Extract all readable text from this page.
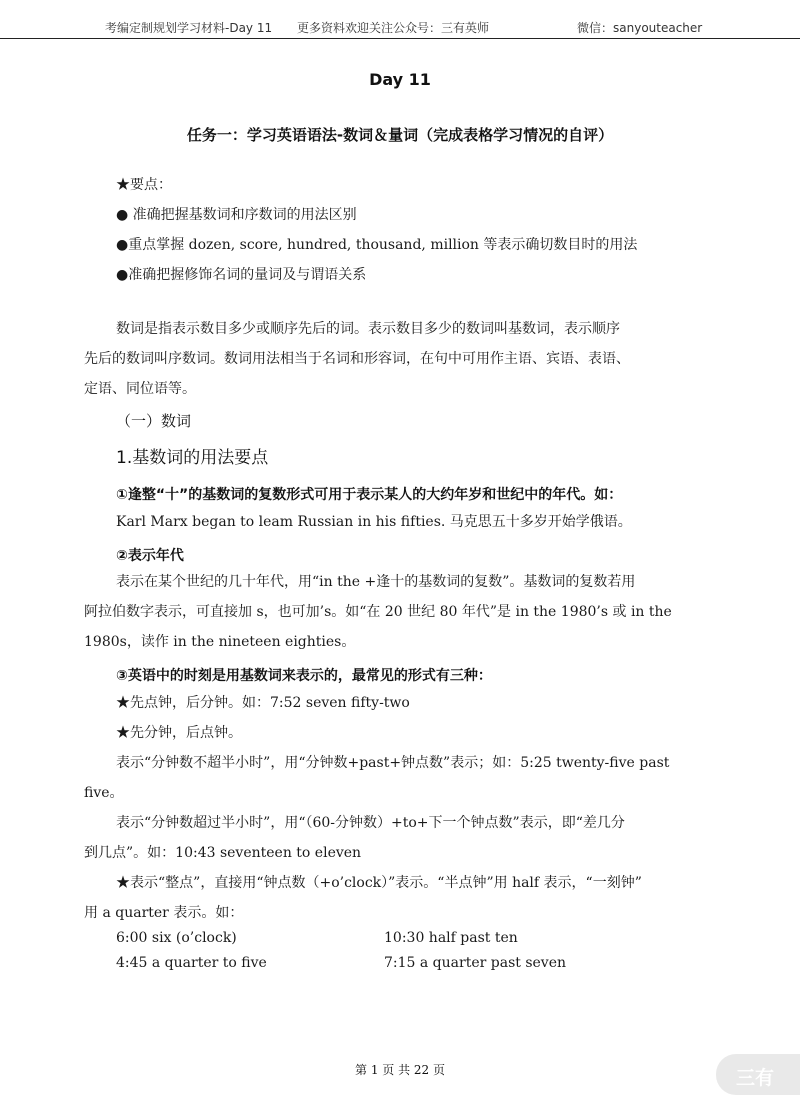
考编定制规划学习材料-Day 11 更多资料欢迎关注公众号：三有英师	微信：sanyouteacher
Day 11
任务一：学习英语语法-数词＆量词（完成表格学习情况的自评）
★要点：
● 准确把握基数词和序数词的用法区别
●重点掌握 dozen, score, hundred, thousand, million 等表示确切数目时的用法
●准确把握修饰名词的量词及与谓语关系
数词是指表示数目多少或顺序先后的词。表示数目多少的数词叫基数词，表示顺序
先后的数词叫序数词。数词用法相当于名词和形容词，在句中可用作主语、宾语、表语、
定语、同位语等。
（一）数词
1.基数词的用法要点
①逢整“十”的基数词的复数形式可用于表示某人的大约年岁和世纪中的年代。如：
Karl Marx began to leam Russian in his fifties. 马克思五十多岁开始学俄语。
②表示年代
表示在某个世纪的几十年代，用“in the +逢十的基数词的复数”。基数词的复数若用
阿拉伯数字表示，可直接加 s，也可加’s。如“在 20 世纪 80 年代”是 in the 1980’s 或 in the
1980s，读作 in the nineteen eighties。
③英语中的时刻是用基数词来表示的，最常见的形式有三种：
★先点钟，后分钟。如：7:52 seven fifty-two
★先分钟，后点钟。
表示“分钟数不超半小时”，用“分钟数+past+钟点数”表示；如：5:25 twenty-five past
five。
表示“分钟数超过半小时”，用“（60-分钟数）+to+下一个钟点数”表示，即“差几分
到几点”。如：10:43 seventeen to eleven
★表示“整点”，直接用“钟点数（+o’clock）”表示。“半点钟”用 half 表示，“一刻钟”
用 a quarter 表示。如：
6:00 six (o’clock)	10:30 half past ten
4:45 a quarter to five	7:15 a quarter past seven
第 1 页 共 22 页	三有
